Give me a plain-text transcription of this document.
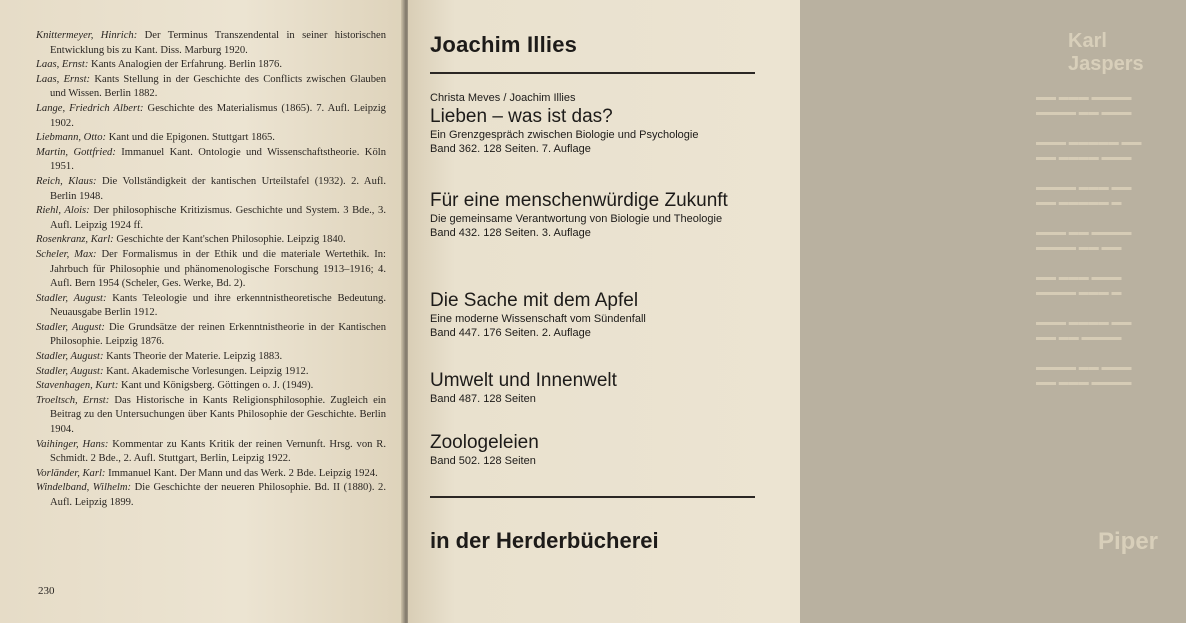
Knittermeyer, Hinrich: Der Terminus Transzendental in seiner historischen Entwicklung bis zu Kant. Diss. Marburg 1920.
Laas, Ernst: Kants Analogien der Erfahrung. Berlin 1876.
Laas, Ernst: Kants Stellung in der Geschichte des Conflicts zwischen Glauben und Wissen. Berlin 1882.
Lange, Friedrich Albert: Geschichte des Materialismus (1865). 7. Aufl. Leipzig 1902.
Liebmann, Otto: Kant und die Epigonen. Stuttgart 1865.
Martin, Gottfried: Immanuel Kant. Ontologie und Wissenschaftstheorie. Köln 1951.
Reich, Klaus: Die Vollständigkeit der kantischen Urteilstafel (1932). 2. Aufl. Berlin 1948.
Riehl, Alois: Der philosophische Kritizismus. Geschichte und System. 3 Bde., 3. Aufl. Leipzig 1924 ff.
Rosenkranz, Karl: Geschichte der Kant'schen Philosophie. Leipzig 1840.
Scheler, Max: Der Formalismus in der Ethik und die materiale Wertethik. In: Jahrbuch für Philosophie und phänomenologische Forschung 1913–1916; 4. Aufl. Bern 1954 (Scheler, Ges. Werke, Bd. 2).
Stadler, August: Kants Teleologie und ihre erkenntnistheoretische Bedeutung. Neuausgabe Berlin 1912.
Stadler, August: Die Grundsätze der reinen Erkenntnistheorie in der Kantischen Philosophie. Leipzig 1876.
Stadler, August: Kants Theorie der Materie. Leipzig 1883.
Stadler, August: Kant. Akademische Vorlesungen. Leipzig 1912.
Stavenhagen, Kurt: Kant und Königsberg. Göttingen o. J. (1949).
Troeltsch, Ernst: Das Historische in Kants Religionsphilosophie. Zugleich ein Beitrag zu den Untersuchungen über Kants Philosophie der Geschichte. Berlin 1904.
Vaihinger, Hans: Kommentar zu Kants Kritik der reinen Vernunft. Hrsg. von R. Schmidt. 2 Bde., 2. Aufl. Stuttgart, Berlin, Leipzig 1922.
Vorländer, Karl: Immanuel Kant. Der Mann und das Werk. 2 Bde. Leipzig 1924.
Windelband, Wilhelm: Die Geschichte der neueren Philosophie. Bd. II (1880). 2. Aufl. Leipzig 1899.
230
Karl Jaspers
▬▬ ▬▬▬ ▬▬▬▬
▬▬▬▬ ▬▬ ▬▬▬

▬▬▬ ▬▬▬▬▬ ▬▬
▬▬ ▬▬▬▬ ▬▬▬

▬▬▬▬ ▬▬▬ ▬▬
▬▬ ▬▬▬▬▬ ▬

▬▬▬ ▬▬ ▬▬▬▬
▬▬▬▬ ▬▬ ▬▬

▬▬ ▬▬▬ ▬▬▬
▬▬▬▬ ▬▬▬ ▬

▬▬▬ ▬▬▬▬ ▬▬
▬▬ ▬▬ ▬▬▬▬

▬▬▬▬ ▬▬ ▬▬▬
▬▬ ▬▬▬ ▬▬▬▬
Piper
Joachim Illies
Christa Meves / Joachim Illies
Lieben – was ist das?
Ein Grenzgespräch zwischen Biologie und Psychologie
Band 362. 128 Seiten. 7. Auflage
Für eine menschenwürdige Zukunft
Die gemeinsame Verantwortung von Biologie und Theologie
Band 432. 128 Seiten. 3. Auflage
Die Sache mit dem Apfel
Eine moderne Wissenschaft vom Sündenfall
Band 447. 176 Seiten. 2. Auflage
Umwelt und Innenwelt
Band 487. 128 Seiten
Zoologeleien
Band 502. 128 Seiten
in der Herderbücherei
